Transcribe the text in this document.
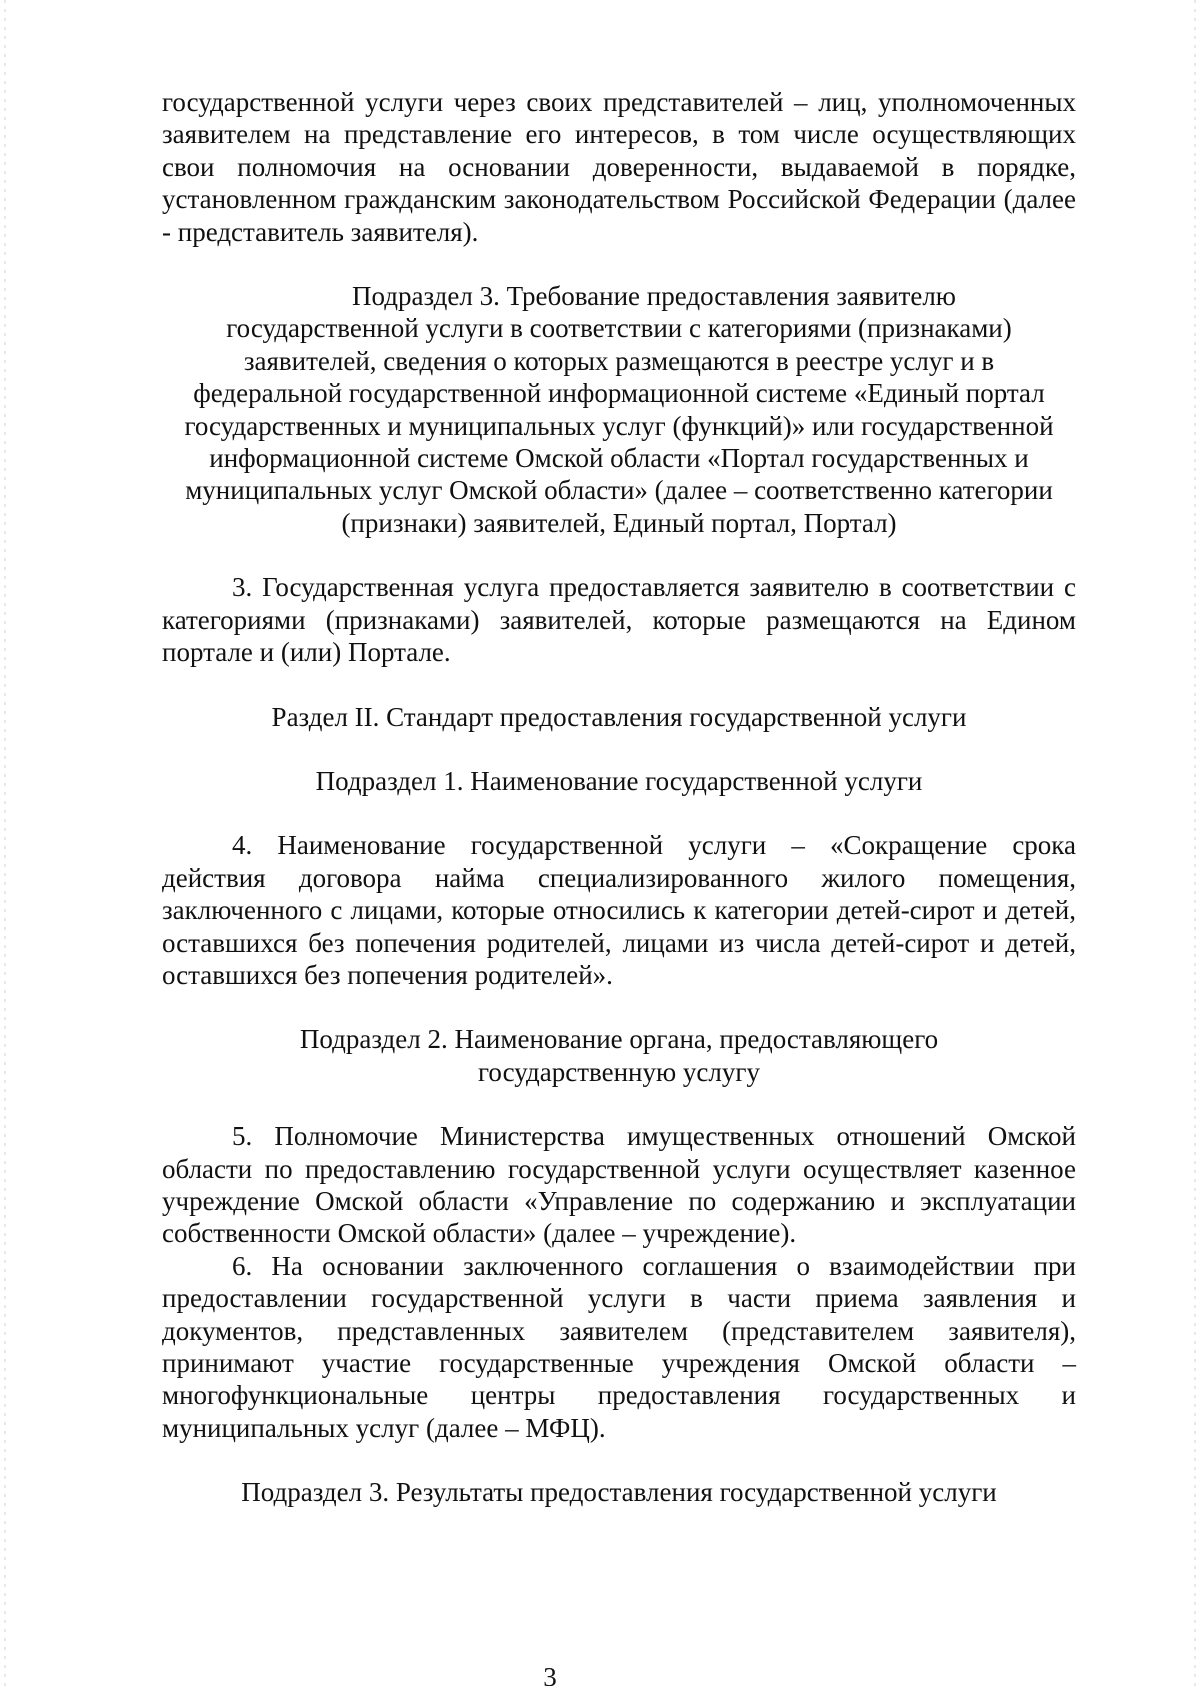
государственной услуги через своих представителей – лиц, уполномоченных заявителем на представление его интересов, в том числе осуществляющих свои полномочия на основании доверенности, выдаваемой в порядке, установленном гражданским законодательством Российской Федерации (далее - представитель заявителя).

Подраздел 3. Требование предоставления заявителю
государственной услуги в соответствии с категориями (признаками) заявителей, сведения о которых размещаются в реестре услуг и в федеральной государственной информационной системе «Единый портал государственных и муниципальных услуг (функций)» или государственной информационной системе Омской области «Портал государственных и муниципальных услуг Омской области» (далее – соответственно категории (признаки) заявителей, Единый портал, Портал)

3. Государственная услуга предоставляется заявителю в соответствии с категориями (признаками) заявителей, которые размещаются на Едином портале и (или) Портале.

Раздел II. Стандарт предоставления государственной услуги
Подраздел 1. Наименование государственной услуги

4. Наименование государственной услуги – «Сокращение срока действия договора найма специализированного жилого помещения, заключенного с лицами, которые относились к категории детей-сирот и детей, оставшихся без попечения родителей, лицами из числа детей-сирот и детей, оставшихся без попечения родителей».

Подраздел 2. Наименование органа, предоставляющего
государственную услугу

5. Полномочие Министерства имущественных отношений Омской области по предоставлению государственной услуги осуществляет казенное учреждение Омской области «Управление по содержанию и эксплуатации собственности Омской области» (далее – учреждение).

6. На основании заключенного соглашения о взаимодействии при предоставлении государственной услуги в части приема заявления и документов, представленных заявителем (представителем заявителя), принимают участие государственные учреждения Омской области – многофункциональные центры предоставления государственных и муниципальных услуг (далее – МФЦ).

Подраздел 3. Результаты предоставления государственной услуги
3
